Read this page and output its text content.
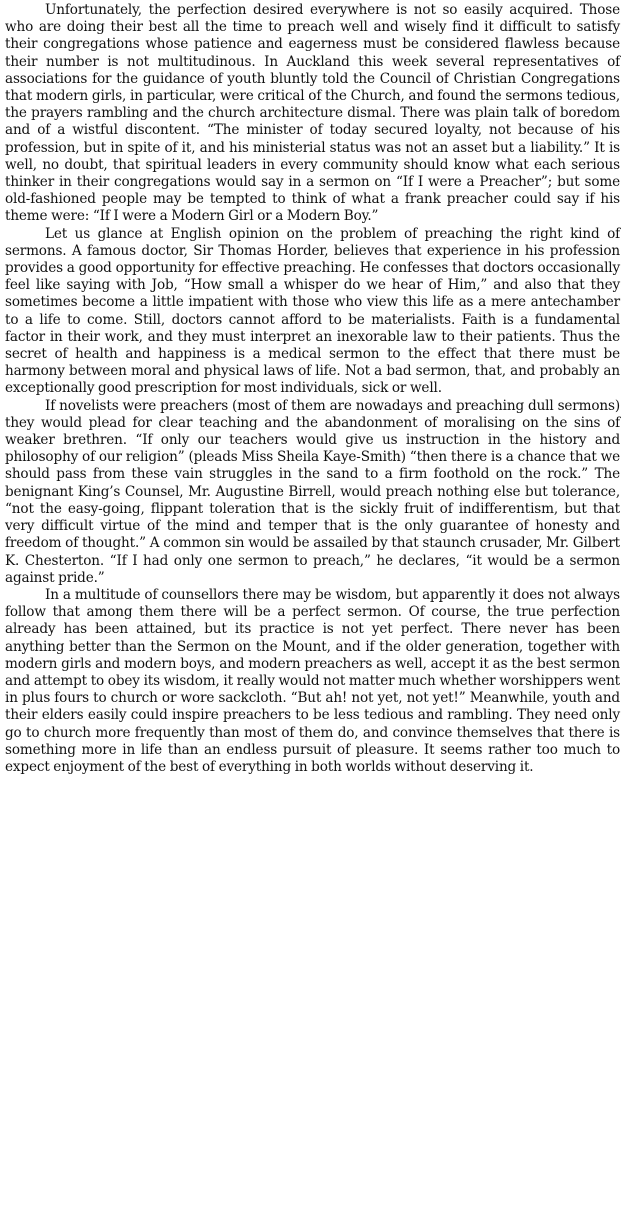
Unfortunately, the perfection desired everywhere is not so easily acquired. Those who are doing their best all the time to preach well and wisely find it difficult to satisfy their congregations whose patience and eagerness must be considered flawless because their number is not multitudinous. In Auckland this week several representatives of associations for the guidance of youth bluntly told the Council of Christian Congregations that modern girls, in particular, were critical of the Church, and found the sermons tedious, the prayers rambling and the church architecture dismal. There was plain talk of boredom and of a wistful discontent. “The minister of today secured loyalty, not because of his profession, but in spite of it, and his ministerial status was not an asset but a liability.” It is well, no doubt, that spiritual leaders in every community should know what each serious thinker in their congregations would say in a sermon on “If I were a Preacher”; but some old-fashioned people may be tempted to think of what a frank preacher could say if his theme were: “If I were a Modern Girl or a Modern Boy.”

Let us glance at English opinion on the problem of preaching the right kind of sermons. A famous doctor, Sir Thomas Horder, believes that experience in his profession provides a good opportunity for effective preaching. He confesses that doctors occasionally feel like saying with Job, “How small a whisper do we hear of Him,” and also that they sometimes become a little impatient with those who view this life as a mere antechamber to a life to come. Still, doctors cannot afford to be materialists. Faith is a fundamental factor in their work, and they must interpret an inexorable law to their patients. Thus the secret of health and happiness is a medical sermon to the effect that there must be harmony between moral and physical laws of life. Not a bad sermon, that, and probably an exceptionally good prescription for most individuals, sick or well.

If novelists were preachers (most of them are nowadays and preaching dull sermons) they would plead for clear teaching and the abandonment of moralising on the sins of weaker brethren. “If only our teachers would give us instruction in the history and philosophy of our religion” (pleads Miss Sheila Kaye-Smith) “then there is a chance that we should pass from these vain struggles in the sand to a firm foothold on the rock.” The benignant King’s Counsel, Mr. Augustine Birrell, would preach nothing else but tolerance, “not the easy-going, flippant toleration that is the sickly fruit of indifferentism, but that very difficult virtue of the mind and temper that is the only guarantee of honesty and freedom of thought.” A common sin would be assailed by that staunch crusader, Mr. Gilbert K. Chesterton. “If I had only one sermon to preach,” he declares, “it would be a sermon against pride.”

In a multitude of counsellors there may be wisdom, but apparently it does not always follow that among them there will be a perfect sermon. Of course, the true perfection already has been attained, but its practice is not yet perfect. There never has been anything better than the Sermon on the Mount, and if the older generation, together with modern girls and modern boys, and modern preachers as well, accept it as the best sermon and attempt to obey its wisdom, it really would not matter much whether worshippers went in plus fours to church or wore sackcloth. “But ah! not yet, not yet!” Meanwhile, youth and their elders easily could inspire preachers to be less tedious and rambling. They need only go to church more frequently than most of them do, and convince themselves that there is something more in life than an endless pursuit of pleasure. It seems rather too much to expect enjoyment of the best of everything in both worlds without deserving it.
